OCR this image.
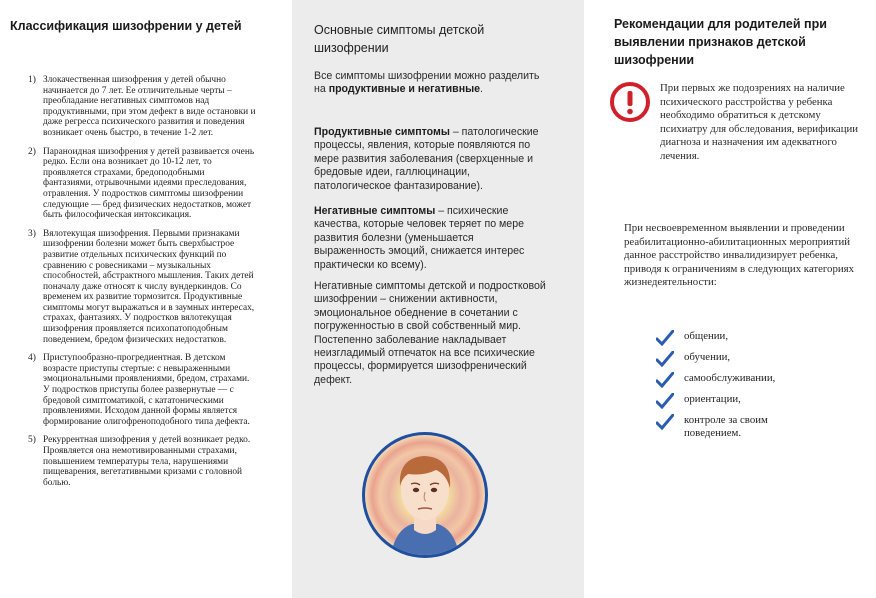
Классификация шизофрении у детей
1) Злокачественная шизофрения у детей обычно начинается до 7 лет. Ее отличительные черты – преобладание негативных симптомов над продуктивными, при этом дефект в виде остановки и даже регресса психического развития и поведения возникает очень быстро, в течение 1-2 лет.
2) Параноидная шизофрения у детей развивается очень редко. Если она возникает до 10-12 лет, то проявляется страхами, бредоподобными фантазиями, отрывочными идеями преследования, отравления. У подростков симптомы шизофрении следующие — бред физических недостатков, может быть философическая интоксикация.
3) Вялотекущая шизофрения. Первыми признаками шизофрении болезни может быть сверхбыстрое развитие отдельных психических функций по сравнению с ровесниками – музыкальных способностей, абстрактного мышления. Таких детей поначалу даже относят к числу вундеркиндов. Со временем их развитие тормозится. Продуктивные симптомы могут выражаться и в заумных интересах, страхах, фантазиях. У подростков вялотекущая шизофрения проявляется психопатоподобным поведением, бредом физических недостатков.
4) Приступообразно-прогредиентная. В детском возрасте приступы стертые: с невыраженными эмоциональными проявлениями, бредом, страхами. У подростков приступы более развернутые — с бредовой симптоматикой, с кататоническими проявлениями. Исходом данной формы является формирование олигофреноподобного типа дефекта.
5) Рекуррентная шизофрения у детей возникает редко. Проявляется она немотивированными страхами, повышением температуры тела, нарушениями пищеварения, вегетативными кризами с головной болью.
Основные симптомы детской шизофрении

Все симптомы шизофрении можно разделить на продуктивные и негативные.

Продуктивные симптомы – патологические процессы, явления, которые появляются по мере развития заболевания (сверхценные и бредовые идеи, галлюцинации, патологическое фантазирование).

Негативные симптомы – психические качества, которые человек теряет по мере развития болезни (уменьшается выраженность эмоций, снижается интерес практически ко всему).

Негативные симптомы детской и подростковой шизофрении – снижении активности, эмоциональное обеднение в сочетании с погруженностью в свой собственный мир. Постепенно заболевание накладывает неизгладимый отпечаток на все психические процессы, формируется шизофренический дефект.

Рекомендации для родителей при выявлении признаков детской шизофрении

При первых же подозрениях на наличие психического расстройства у ребенка необходимо обратиться к детскому психиатру для обследования, верификации диагноза и назначения им адекватного лечения.

При несвоевременном выявлении и проведении реабилитационно-абилитационных мероприятий данное расстройство инвалидизирует ребенка, приводя к ограничениям в следующих категориях жизнедеятельности:

общении,
обучении,
самообслуживании,
ориентации,
контроле за своим поведением.
